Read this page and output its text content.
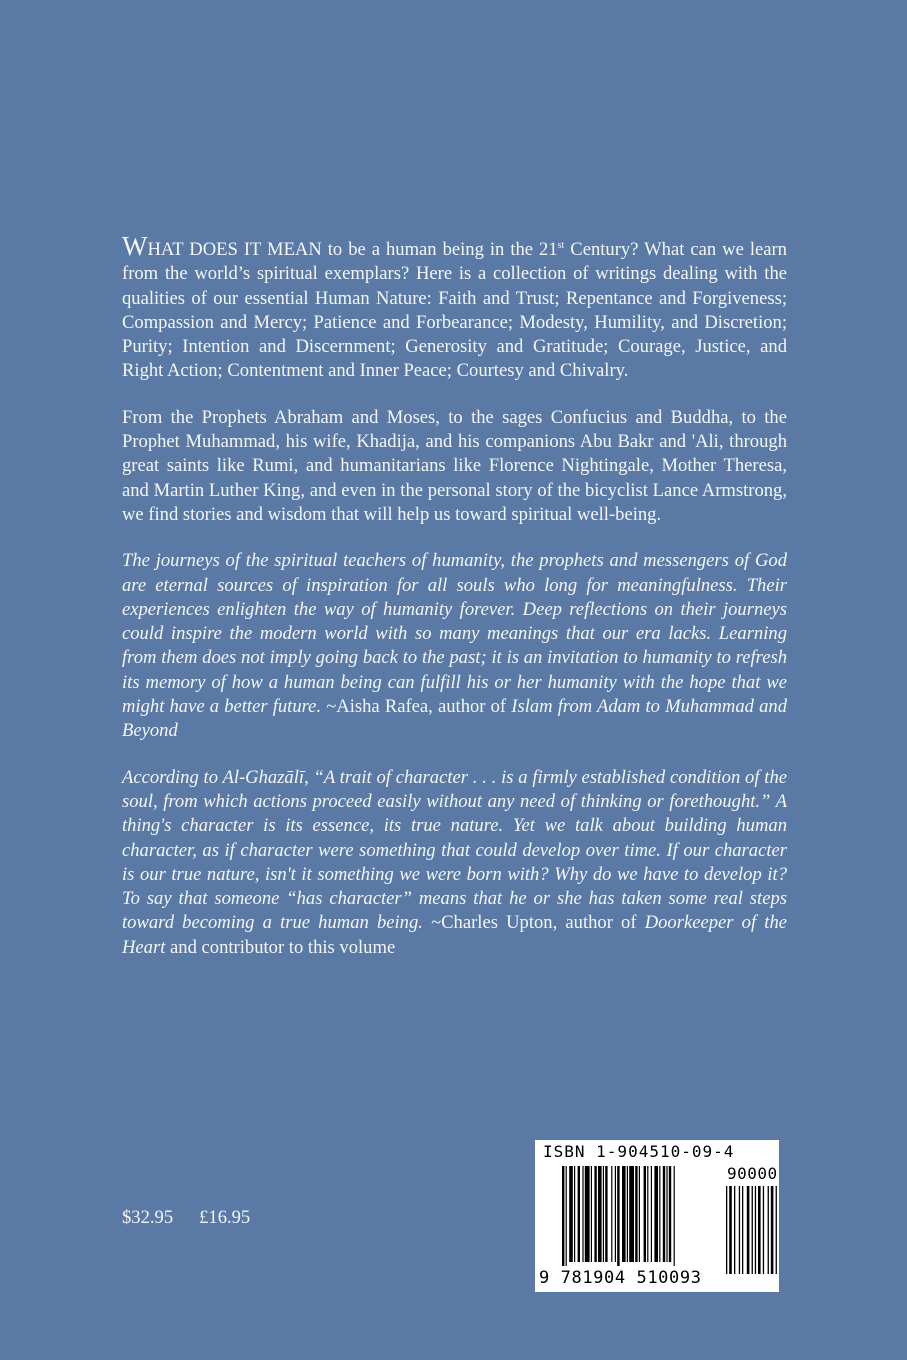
WHAT DOES IT MEAN to be a human being in the 21st Century? What can we learn from the world’s spiritual exemplars? Here is a collection of writings dealing with the qualities of our essential Human Nature: Faith and Trust; Repentance and Forgiveness; Compassion and Mercy; Patience and Forbearance; Modesty, Humility, and Discretion; Purity; Intention and Discernment; Generosity and Gratitude; Courage, Justice, and Right Action; Contentment and Inner Peace; Courtesy and Chivalry.

From the Prophets Abraham and Moses, to the sages Confucius and Buddha, to the Prophet Muhammad, his wife, Khadija, and his companions Abu Bakr and 'Ali, through great saints like Rumi, and humanitarians like Florence Nightingale, Mother Theresa, and Martin Luther King, and even in the personal story of the bicyclist Lance Armstrong, we find stories and wisdom that will help us toward spiritual well-being.

The journeys of the spiritual teachers of humanity, the prophets and messengers of God are eternal sources of inspiration for all souls who long for meaningfulness. Their experiences enlighten the way of humanity forever. Deep reflections on their journeys could inspire the modern world with so many meanings that our era lacks. Learning from them does not imply going back to the past; it is an invitation to humanity to refresh its memory of how a human being can fulfill his or her humanity with the hope that we might have a better future. ~Aisha Rafea, author of Islam from Adam to Muhammad and Beyond

According to Al-Ghazālī, “A trait of character . . . is a firmly established condition of the soul, from which actions proceed easily without any need of thinking or forethought.” A thing's character is its essence, its true nature. Yet we talk about building human character, as if character were something that could develop over time. If our character is our true nature, isn't it something we were born with? Why do we have to develop it? To say that someone “has character” means that he or she has taken some real steps toward becoming a true human being. ~Charles Upton, author of Doorkeeper of the Heart and contributor to this volume

$32.95 £16.95
ISBN 1-904510-09-4
90000
9 781904 510093
